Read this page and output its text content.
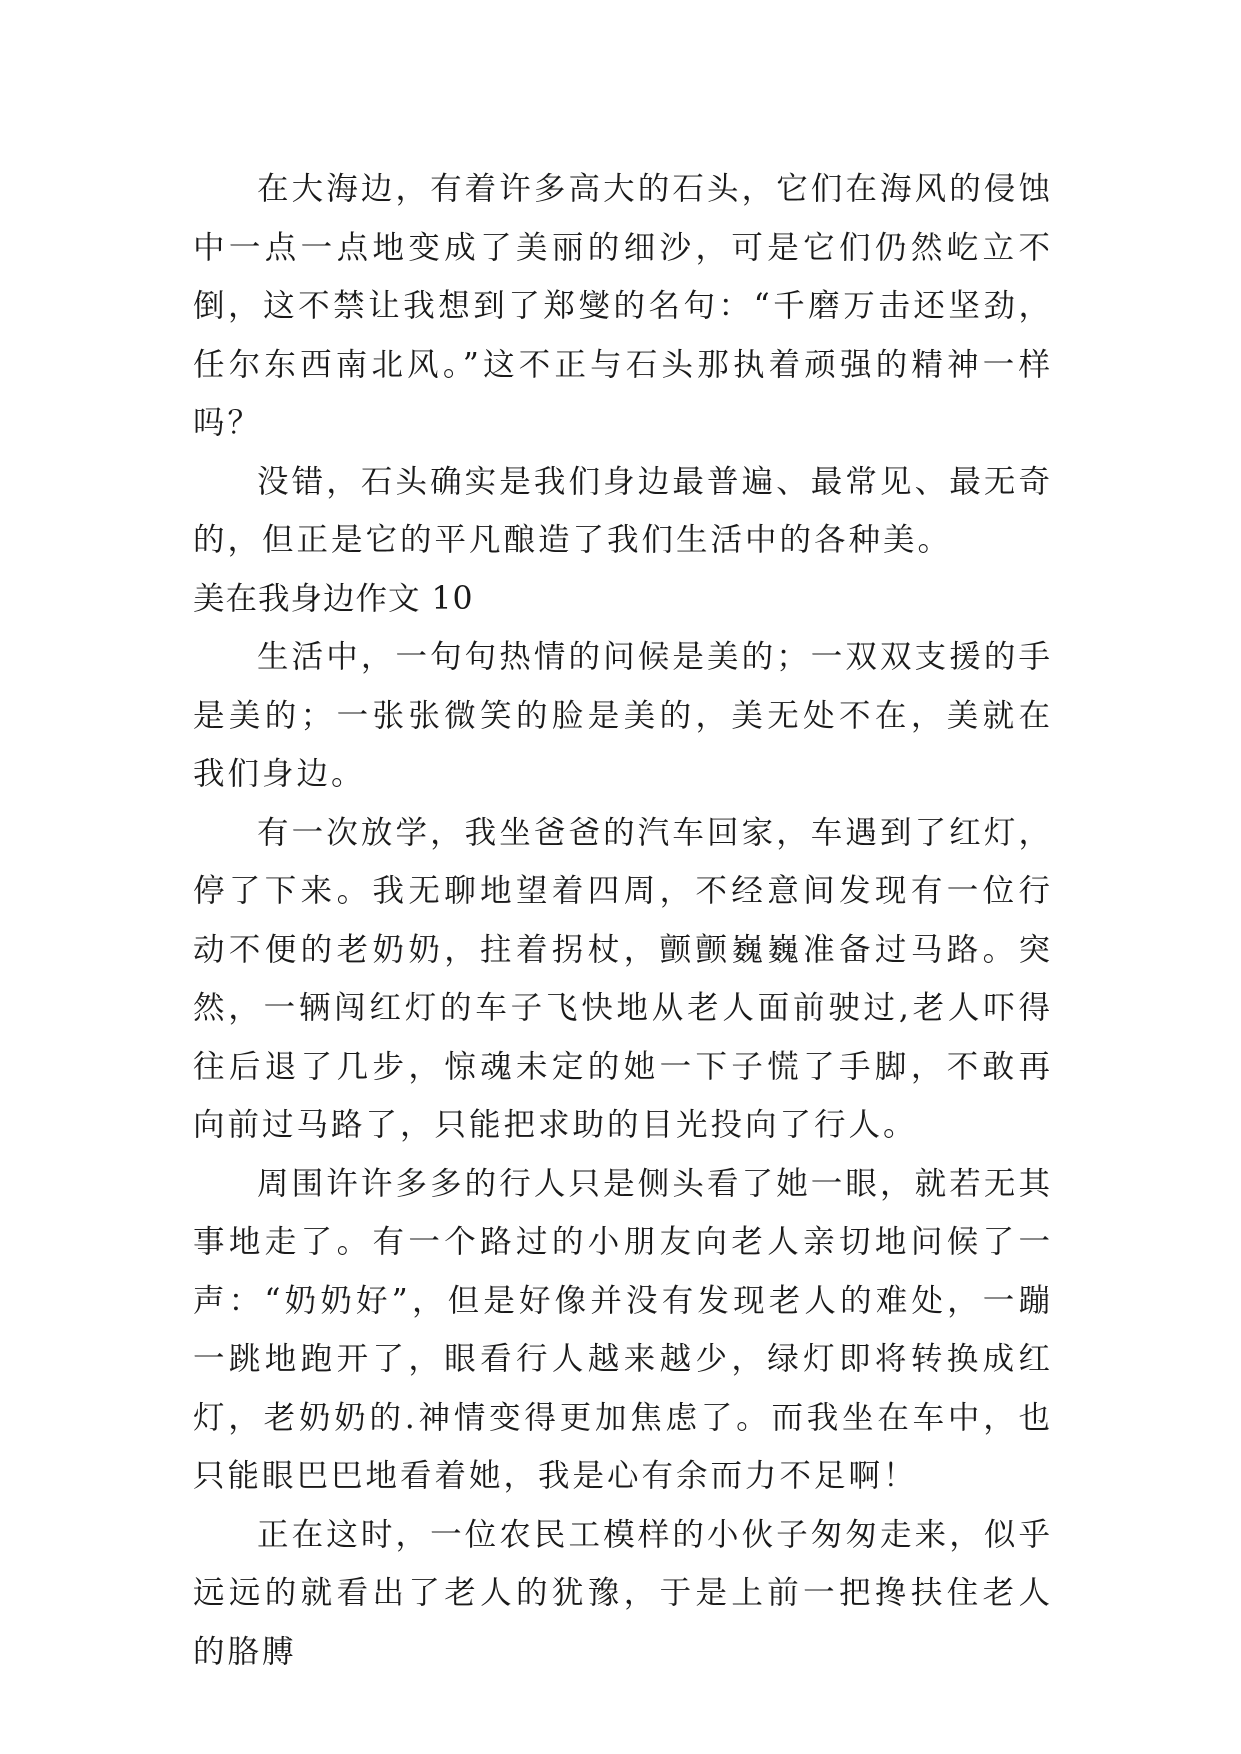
在大海边，有着许多高大的石头，它们在海风的侵蚀中一点一点地变成了美丽的细沙，可是它们仍然屹立不倒，这不禁让我想到了郑燮的名句：“千磨万击还坚劲，任尔东西南北风。”这不正与石头那执着顽强的精神一样吗？

没错，石头确实是我们身边最普遍、最常见、最无奇的，但正是它的平凡酿造了我们生活中的各种美。

美在我身边作文 10

生活中，一句句热情的问候是美的；一双双支援的手是美的；一张张微笑的脸是美的，美无处不在，美就在我们身边。

有一次放学，我坐爸爸的汽车回家，车遇到了红灯，停了下来。我无聊地望着四周，不经意间发现有一位行动不便的老奶奶，拄着拐杖，颤颤巍巍准备过马路。突然，一辆闯红灯的车子飞快地从老人面前驶过,老人吓得往后退了几步，惊魂未定的她一下子慌了手脚，不敢再向前过马路了，只能把求助的目光投向了行人。

周围许许多多的行人只是侧头看了她一眼，就若无其事地走了。有一个路过的小朋友向老人亲切地问候了一声：“奶奶好”，但是好像并没有发现老人的难处，一蹦一跳地跑开了，眼看行人越来越少，绿灯即将转换成红灯，老奶奶的.神情变得更加焦虑了。而我坐在车中，也只能眼巴巴地看着她，我是心有余而力不足啊！

正在这时，一位农民工模样的小伙子匆匆走来，似乎远远的就看出了老人的犹豫，于是上前一把搀扶住老人的胳膊
